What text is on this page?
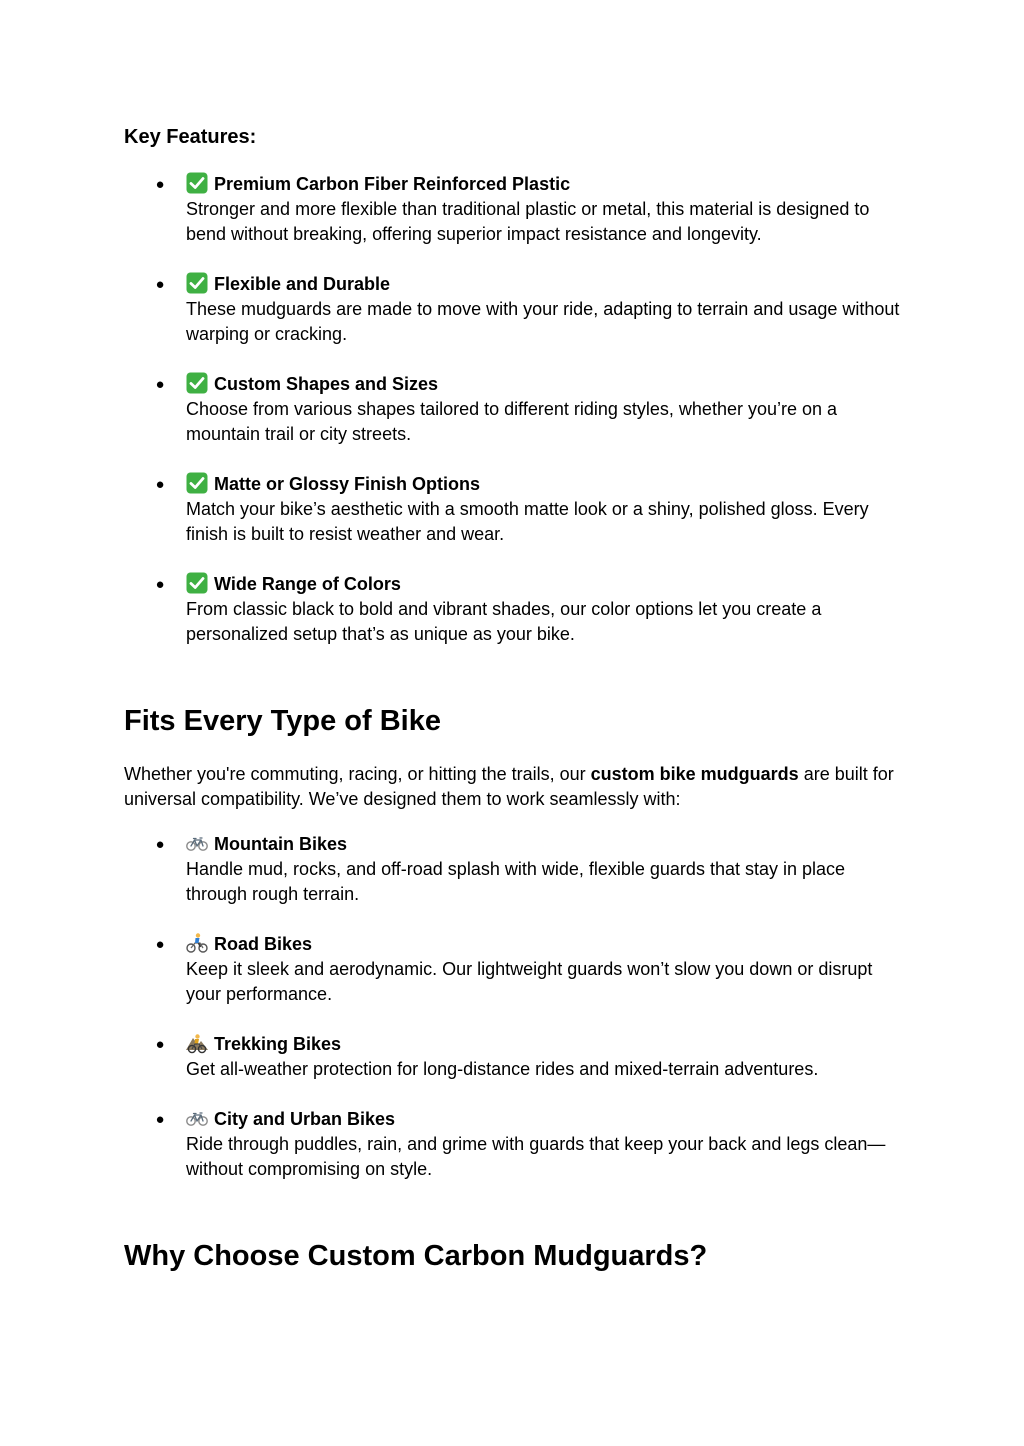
Key Features:
●	Premium Carbon Fiber Reinforced Plastic
Stronger and more flexible than traditional plastic or metal, this material is designed to bend without breaking, offering superior impact resistance and longevity.
●	Flexible and Durable
These mudguards are made to move with your ride, adapting to terrain and usage without warping or cracking.
●	Custom Shapes and Sizes
Choose from various shapes tailored to different riding styles, whether you’re on a mountain trail or city streets.
●	Matte or Glossy Finish Options
Match your bike’s aesthetic with a smooth matte look or a shiny, polished gloss. Every finish is built to resist weather and wear.
●	Wide Range of Colors
From classic black to bold and vibrant shades, our color options let you create a personalized setup that’s as unique as your bike.
Fits Every Type of Bike
Whether you're commuting, racing, or hitting the trails, our custom bike mudguards are built for universal compatibility. We’ve designed them to work seamlessly with:
●	Mountain Bikes
Handle mud, rocks, and off-road splash with wide, flexible guards that stay in place through rough terrain.
●	Road Bikes
Keep it sleek and aerodynamic. Our lightweight guards won’t slow you down or disrupt your performance.
●	Trekking Bikes
Get all-weather protection for long-distance rides and mixed-terrain adventures.
●	City and Urban Bikes
Ride through puddles, rain, and grime with guards that keep your back and legs clean—without compromising on style.
Why Choose Custom Carbon Mudguards?
